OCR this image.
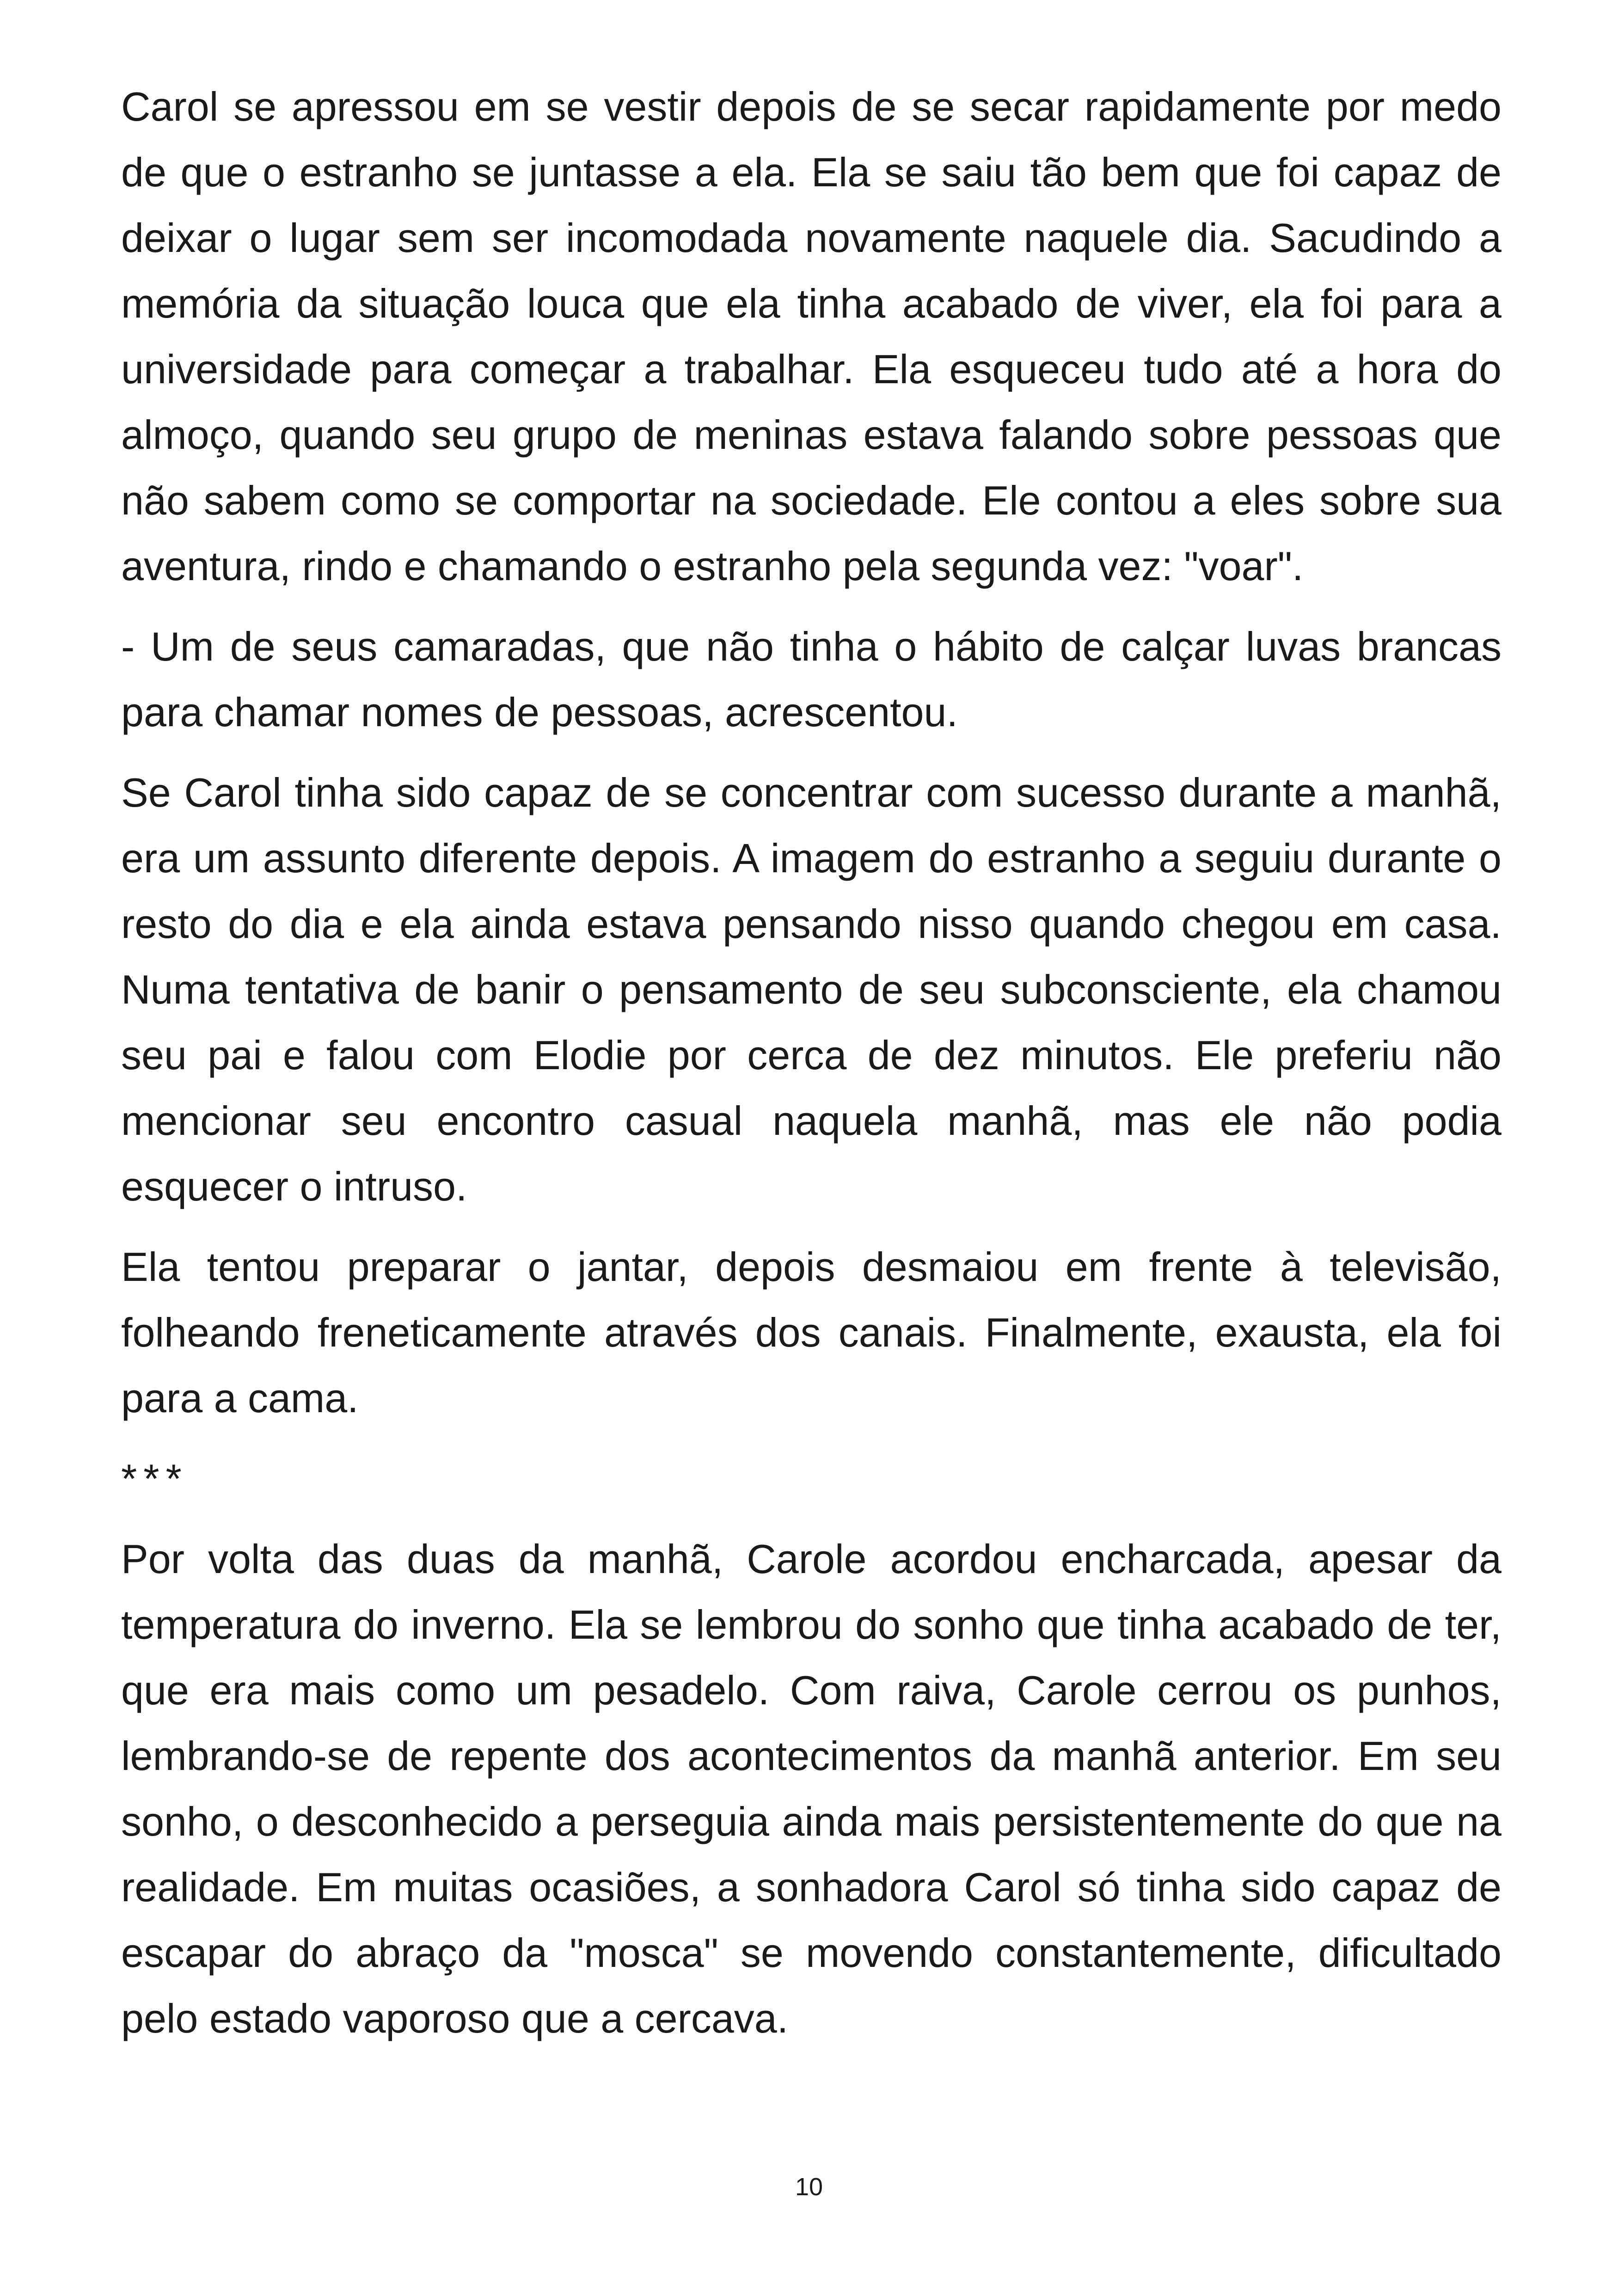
Carol se apressou em se vestir depois de se secar rapidamente por medo de que o estranho se juntasse a ela. Ela se saiu tão bem que foi capaz de deixar o lugar sem ser incomodada novamente naquele dia. Sacudindo a memória da situação louca que ela tinha acabado de viver, ela foi para a universidade para começar a trabalhar. Ela esqueceu tudo até a hora do almoço, quando seu grupo de meninas estava falando sobre pessoas que não sabem como se comportar na sociedade. Ele contou a eles sobre sua aventura, rindo e chamando o estranho pela segunda vez: "voar".

- Um de seus camaradas, que não tinha o hábito de calçar luvas brancas para chamar nomes de pessoas, acrescentou.

Se Carol tinha sido capaz de se concentrar com sucesso durante a manhã, era um assunto diferente depois. A imagem do estranho a seguiu durante o resto do dia e ela ainda estava pensando nisso quando chegou em casa. Numa tentativa de banir o pensamento de seu subconsciente, ela chamou seu pai e falou com Elodie por cerca de dez minutos. Ele preferiu não mencionar seu encontro casual naquela manhã, mas ele não podia esquecer o intruso.

Ela tentou preparar o jantar, depois desmaiou em frente à televisão, folheando freneticamente através dos canais. Finalmente, exausta, ela foi para a cama.

***

Por volta das duas da manhã, Carole acordou encharcada, apesar da temperatura do inverno. Ela se lembrou do sonho que tinha acabado de ter, que era mais como um pesadelo. Com raiva, Carole cerrou os punhos, lembrando-se de repente dos acontecimentos da manhã anterior. Em seu sonho, o desconhecido a perseguia ainda mais persistentemente do que na realidade. Em muitas ocasiões, a sonhadora Carol só tinha sido capaz de escapar do abraço da "mosca" se movendo constantemente, dificultado pelo estado vaporoso que a cercava.

10
